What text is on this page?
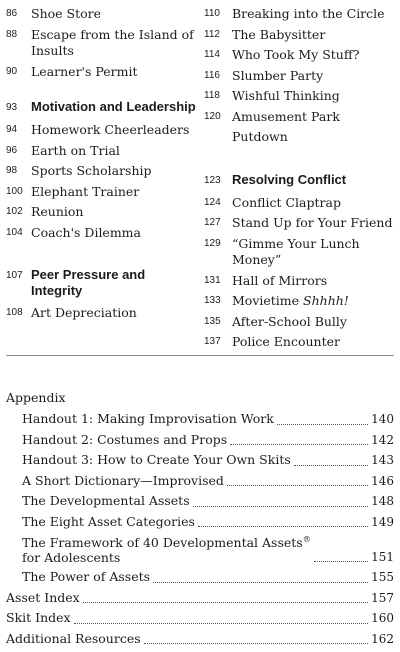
86	Shoe Store
88	Escape from the Island of Insults
90	Learner's Permit
93	Motivation and Leadership
94	Homework Cheerleaders
96	Earth on Trial
98	Sports Scholarship
100 Elephant Trainer
102 Reunion
104 Coach's Dilemma
107 Peer Pressure and Integrity
108 Art Depreciation
110 Breaking into the Circle
112 The Babysitter
114 Who Took My Stuff?
116 Slumber Party
118 Wishful Thinking
120 Amusement Park Putdown
123 Resolving Conflict
124 Conflict Claptrap
127 Stand Up for Your Friend
129 “Gimme Your Lunch Money”
131 Hall of Mirrors
133 Movietime Shhhh!
135 After-School Bully
137 Police Encounter
Appendix
Handout 1: Making Improvisation Work	140
Handout 2: Costumes and Props	142
Handout 3: How to Create Your Own Skits	143
A Short Dictionary—Improvised	146
The Developmental Assets	148
The Eight Asset Categories	149
The Framework of 40 Developmental Assets®
for Adolescents	151
The Power of Assets	155
Asset Index	157
Skit Index	160
Additional Resources	162
